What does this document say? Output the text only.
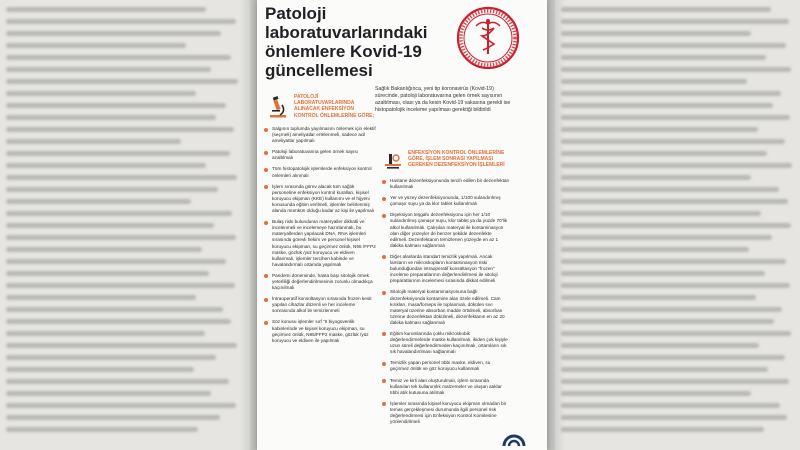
Patoloji laboratuvarlarındaki önlemlere Kovid-19 güncellemesi
Sağlık Bakanlığınca, yeni tip koronavirüs (Kovid-19) sürecinde, patoloji laboratuvarına gelen örnek sayısının azaltılması, olası ya da kesin Kovid-19 vakasına gerekli ise histopatolojik inceleme yapılması gerektiği bildirildi
PATOLOJİ LABORATUVARLARINDA ALINACAK ENFEKSİYON KONTROL ÖNLEMLERİNE GÖRE;
Salgının toplumda yayılmasını önlemek için elektif (seçmeli) ameliyatlar ertelenmeli, sadece acil ameliyatlar yapılmalı
Patoloji laboratuvarına gelen örnek sayısı azaltılmalı
Tüm histopatolojik işlemlerde enfeksiyon kontrol önlemleri alınmalı
İşlem sırasında görev alacak tüm sağlık personeline enfeksiyon kontrol kuralları, kişisel koruyucu ekipman (KKE) kullanımı ve el hijyeni konusunda eğitim verilmeli, işlemler belirlenmiş alanda mümkün olduğu kadar az kişi ile yapılmalı
Bulaş riski bulunduran materyaller dikkatli ve incelenmeli ve incelemeye hazırlanmalı, bu materyallerden yapılacak DNA, RNA işlemleri sırasında görevli hekim ve personel kişisel koruyucu ekipman, su geçirmez önlük, N95 /FFP2 maske, gözlük /yüz koruyucu ve eldiven kullanmalı, işlemler tercihen kabinde ve havalandırmalı ortamda yapılmalı
Pandemi döneminde, hasta başı sitolojik örnek yeterliliği değerlendirilmesinin zorunlu olmadıkça kaçınılmalı
İntraoperatif konsültasyon sırasında frozen kesit yapılan cihazlar düzenli ve her inceleme sonrasında alkol ile temizlenmeli
Söz konusu işlemler sırf "II biyogüvenlik kabinlerinde ve kişisel koruyucu ekipman, su geçirmez önlük, N95/FFP2 maske, gözlük /yüz koruyucu ve eldiven ile yapılmalı
ENFEKSİYON KONTROL ÖNLEMLERİNE GÖRE, İŞLEM SONRASI YAPILMASI GEREKEN DEZENFEKSİYON İŞLEMLERİ
Hastane dezenfeksiyonunda tercih edilen bir dezenfektan kullanılmalı
Yer ve yüzey dezenfeksiyonunda, 1/100 sulandırılmış çamaşır suyu ya da klor tablet kullanılmalı
Dişeksiyon teşgahı dezenfeksiyonu için her 1/10 sulandırılmış çamaşır suyu, klor tablet ya da yüzde 70'lik alkol kullanılmalı. Çalışılan materyal ile kontaminasyon olan diğer yüzeyler de benzer şekilde dezenfekte edilmeli. Dezenfektanın temizlenen yüzeyde en az 1 dakika kalması sağlanmalı
Diğer alanlarda standart temizlik yapılmalı. Ancak lamların ve mikroskopların kontaminasyon riski bulunduğundan intraoperatif konsültasyon "frozen" inceleme preparatlarının değerlendirilmesi ile sitoloji preparatlarının incelemesi sırasında dikkat edilmeli
Sitolojik materyal kontaminasyonuna bağlı dezenfeksiyonda kontamine alan özele edilmeli. Cam kırıkları, masa/forseps ile toplanmalı, dökülen sıvı materyal üzerine absorban madde örtülmeli, absorban üzerine dezenfektan dökülmeli, dezenfektanın en az 20 dakika kalması sağlanmalı
Eğitim kurumlarında çoklu mikroskobik değerlendirmelerde maske kullanılmalı, ikiden çok kişiyle uzun süreli değerlendirmeden kaçınılmalı, ortamların sık sık havalandırılması sağlanmalı
Temizlik yapan personel tıbbi maske, eldiven, su geçirmez önlük ve göz koruyucu kullanmalı
Temiz ve kirli alan oluşturulmalı, işlem sırasında kullanılan tek kullanımlık malzemeler ve oluşan atıklar tıbbi atık kutusuna atılmalı
İşlemler sırasında kişisel koruyucu ekipman olmadan bir temas gerçekleşmesi durumunda ilgili personel risk değerlendirmesi için Enfeksiyon Kontrol Komitesine yönlendirilmeli
